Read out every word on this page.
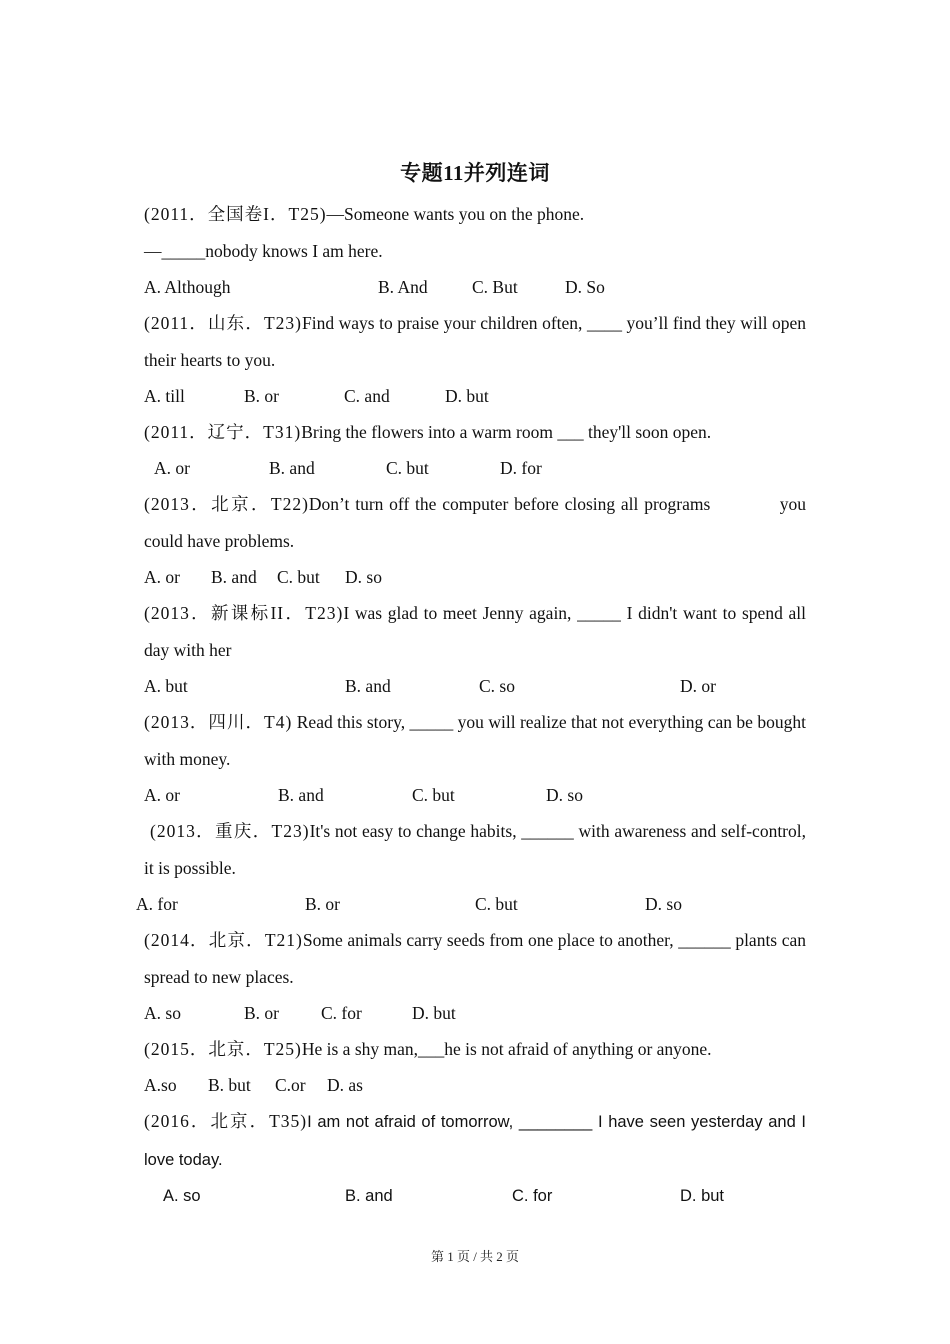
专题11并列连词
(2011．全国卷I．T25)—Someone wants you on the phone.
—_____nobody knows I am here.
A. Although	B. And	C. But	D. So
(2011．山东．T23)Find ways to praise your children often, ____ you’ll find they will open their hearts to you.
A. till	B. or	C. and	D. but
(2011．辽宁．T31)Bring the flowers into a warm room ___ they'll soon open.
A. or	B. and	C. but	D. for
(2013．北京．T22)Don’t turn off the computer before closing all programs            you could have problems.
A. or B. and C. but D. so
(2013．新课标II．T23)I was glad to meet Jenny again, _____ I didn't want to spend all day with her
A. but	B. and	C. so	D. or
(2013．四川．T4) Read this story, _____ you will realize that not everything can be bought with money.
A. or	B. and	C. but	D. so
(2013．重庆．T23)It's not easy to change habits, ______ with awareness and self-control, it is possible.
A. for	B. or	C. but	D. so
(2014．北京．T21)Some animals carry seeds from one place to another, ______ plants can spread to new places.
A. so	B. or C. for	D. but
(2015．北京．T25)He is a shy man,___he is not afraid of anything or anyone.
A.so B. but C.or D. as
(2016．北京．T35)I am not afraid of tomorrow, ________ I have seen yesterday and I love today.
A. so	B. and	C. for	D. but
第 1 页 / 共 2 页
